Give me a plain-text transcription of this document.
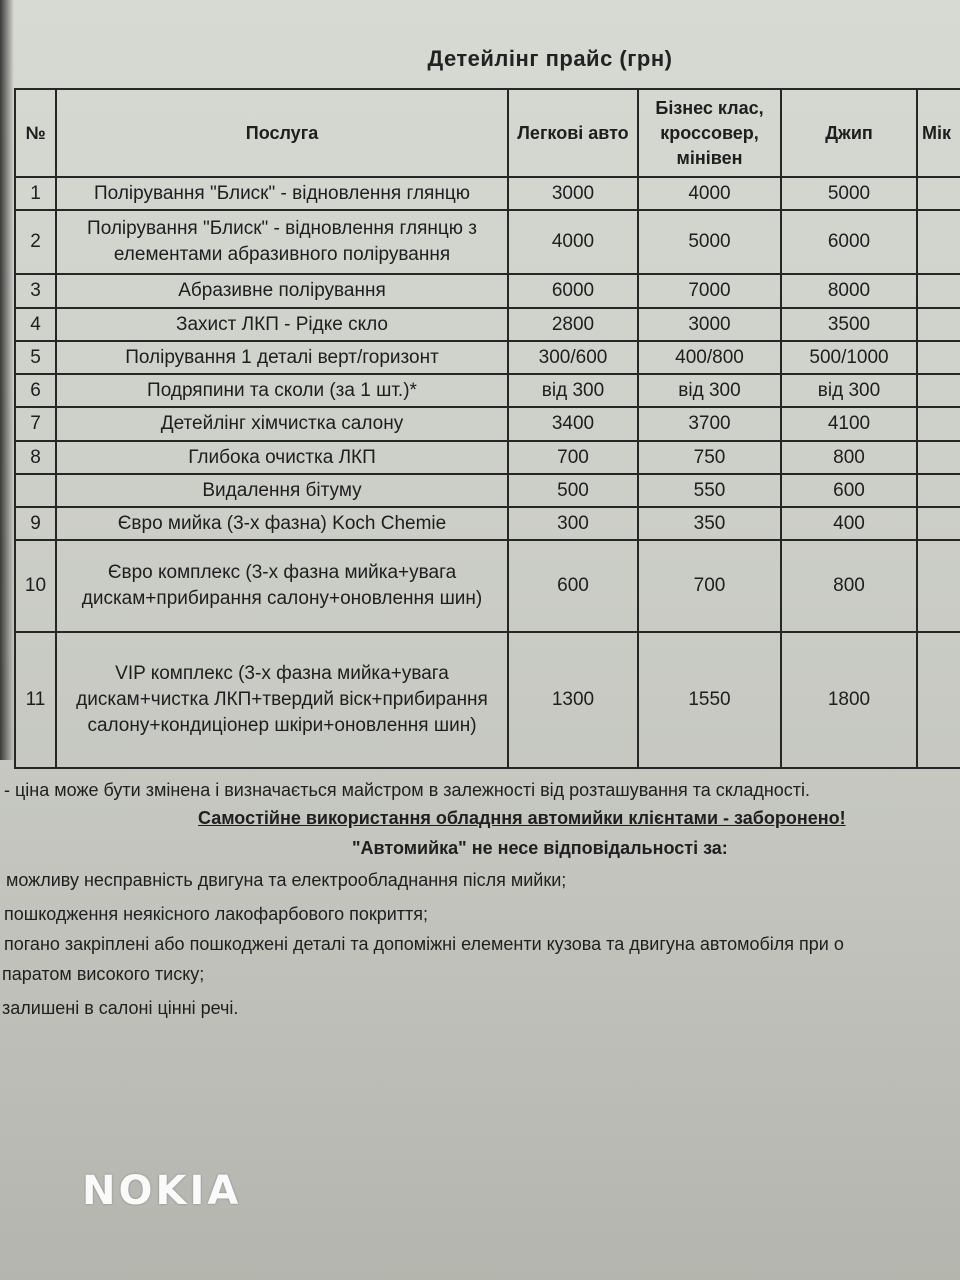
Детейлінг прайс (грн)
№	Послуга	Легкові авто	Бізнес клас, кроссовер, мінівен	Джип	Мік
1	Полірування "Блиск" - відновлення глянцю	3000	4000	5000	
2	Полірування "Блиск" - відновлення глянцю з елементами абразивного полірування	4000	5000	6000	
3	Абразивне полірування	6000	7000	8000	
4	Захист ЛКП - Рідке скло	2800	3000	3500	
5	Полірування 1 деталі верт/горизонт	300/600	400/800	500/1000	
6	Подряпини та сколи (за 1 шт.)*	від 300	від 300	від 300	
7	Детейлінг хімчистка салону	3400	3700	4100	
8	Глибока очистка ЛКП	700	750	800	
	Видалення бітуму	500	550	600	
9	Євро мийка (3-х фазна) Koch Chemie	300	350	400	
10	Євро комплекс (3-х фазна мийка+увага дискам+прибирання салону+оновлення шин)	600	700	800	
11	VIP комплекс (3-х фазна мийка+увага дискам+чистка ЛКП+твердий віск+прибирання салону+кондиціонер шкіри+оновлення шин)	1300	1550	1800	
- ціна може бути змінена і визначається майстром в залежності від розташування та складності.
Самостійне використання обладння автомийки клієнтами - заборонено!
"Автомийка" не несе відповідальності за:
можливу несправність двигуна та електрообладнання після мийки;
пошкодження неякісного лакофарбового покриття;
погано закріплені або пошкоджені деталі та допоміжні елементи кузова та двигуна автомобіля при о
паратом високого тиску;
залишені в салоні цінні речі.
NOKIA
